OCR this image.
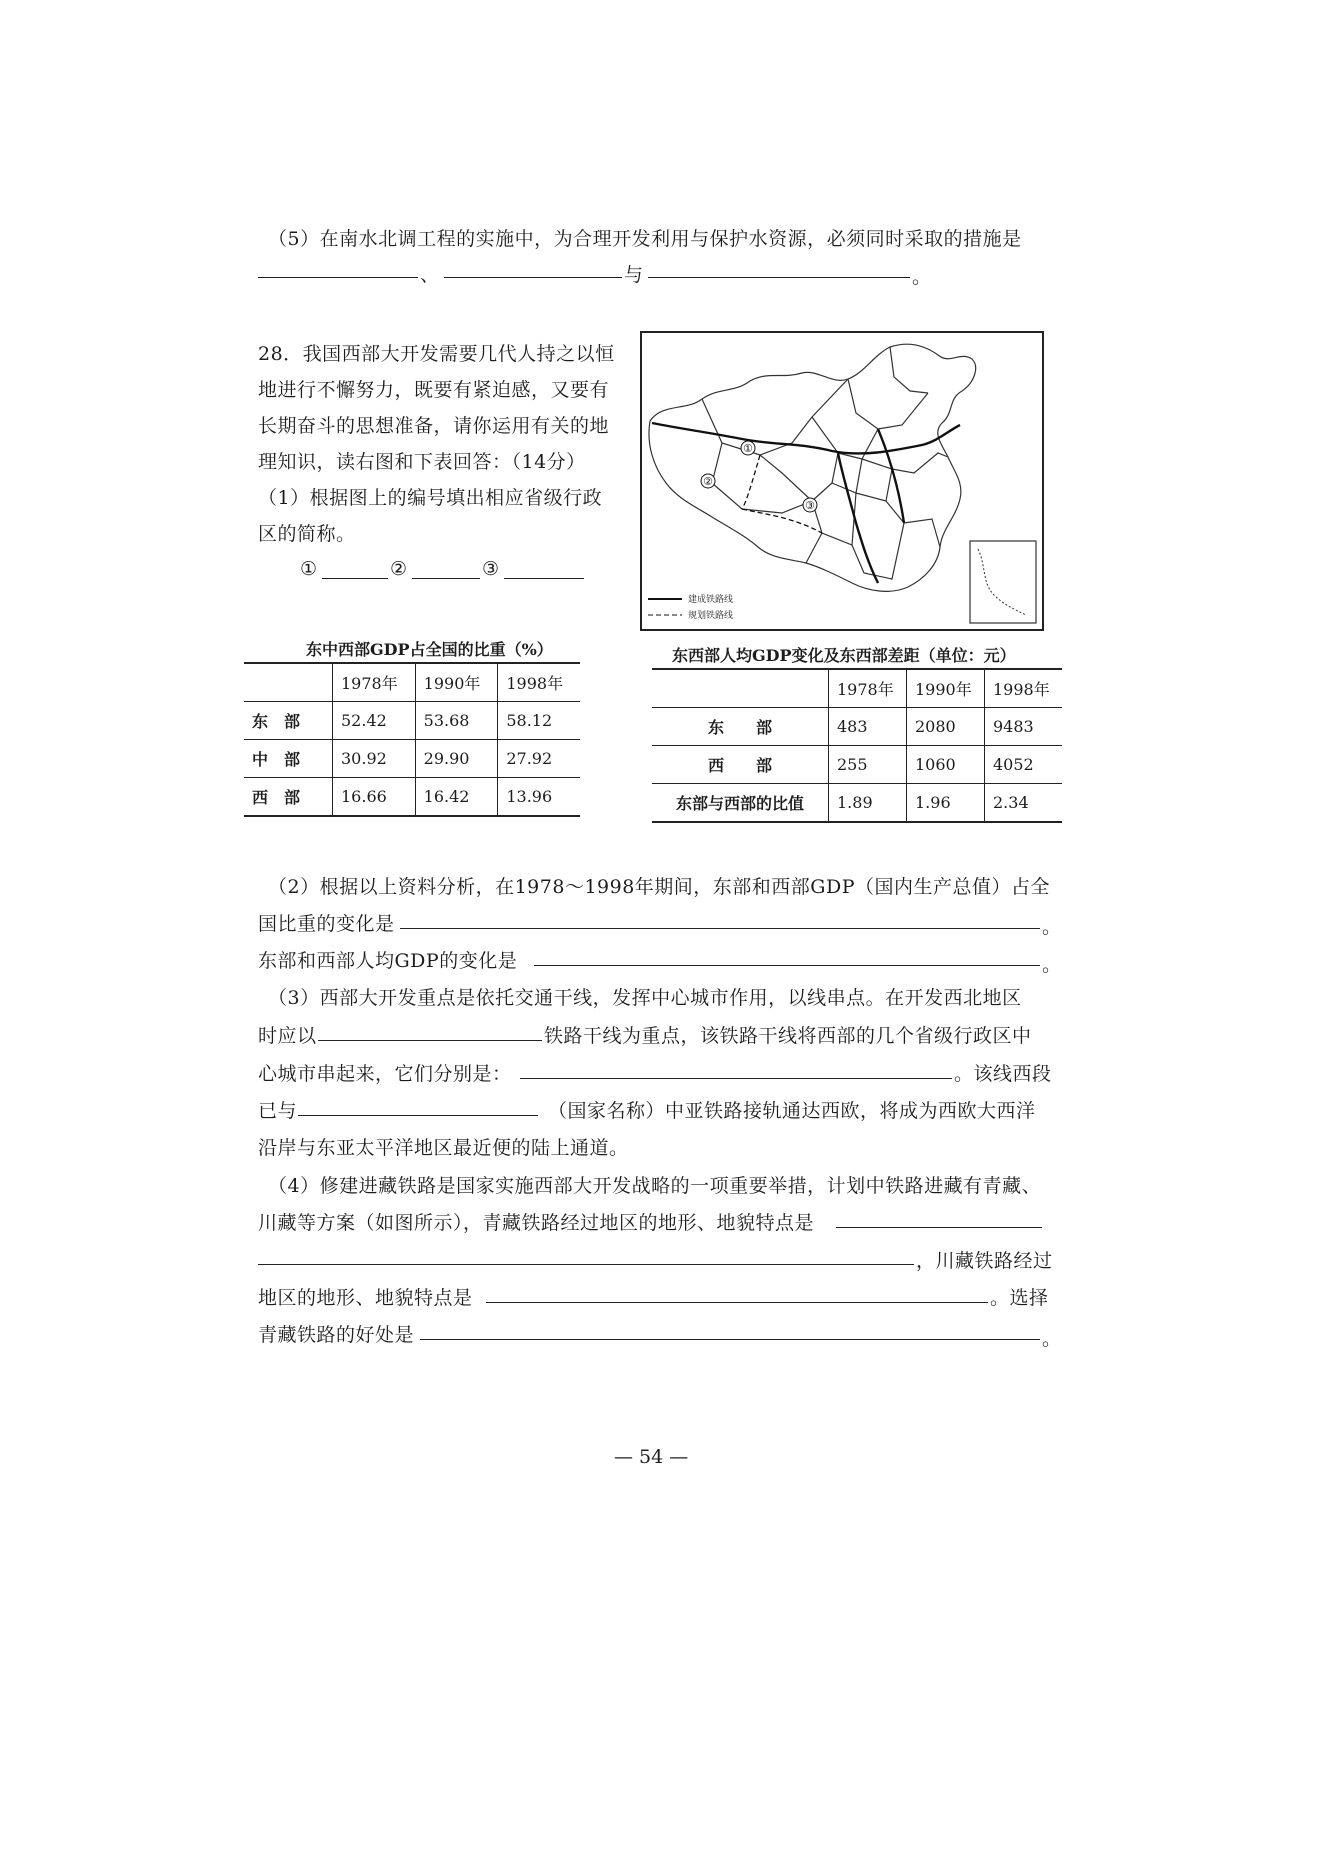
（5）在南水北调工程的实施中，为合理开发利用与保护水资源，必须同时采取的措施是
、	与	。
28．我国西部大开发需要几代人持之以恒
地进行不懈努力，既要有紧迫感，又要有
长期奋斗的思想准备，请你运用有关的地
理知识，读右图和下表回答：（14分）
（1）根据图上的编号填出相应省级行政
区的简称。
①	②	③
①
②
③
建成铁路线
规划铁路线
东中西部GDP占全国的比重（%）
	1978年	1990年	1998年
东　部	52.42	53.68	58.12
中　部	30.92	29.90	27.92
西　部	16.66	16.42	13.96
东西部人均GDP变化及东西部差距（单位：元）
	1978年	1990年	1998年
东　　部	483	2080	9483
西　　部	255	1060	4052
东部与西部的比值	1.89	1.96	2.34
（2）根据以上资料分析，在1978～1998年期间，东部和西部GDP（国内生产总值）占全
国比重的变化是	。
东部和西部人均GDP的变化是	。
（3）西部大开发重点是依托交通干线，发挥中心城市作用，以线串点。在开发西北地区
时应以	铁路干线为重点，该铁路干线将西部的几个省级行政区中
心城市串起来，它们分别是：	。该线西段
已与	（国家名称）中亚铁路接轨通达西欧，将成为西欧大西洋
沿岸与东亚太平洋地区最近便的陆上通道。
（4）修建进藏铁路是国家实施西部大开发战略的一项重要举措，计划中铁路进藏有青藏、
川藏等方案（如图所示），青藏铁路经过地区的地形、地貌特点是
，川藏铁路经过
地区的地形、地貌特点是	。选择
青藏铁路的好处是	。
— 54 —
